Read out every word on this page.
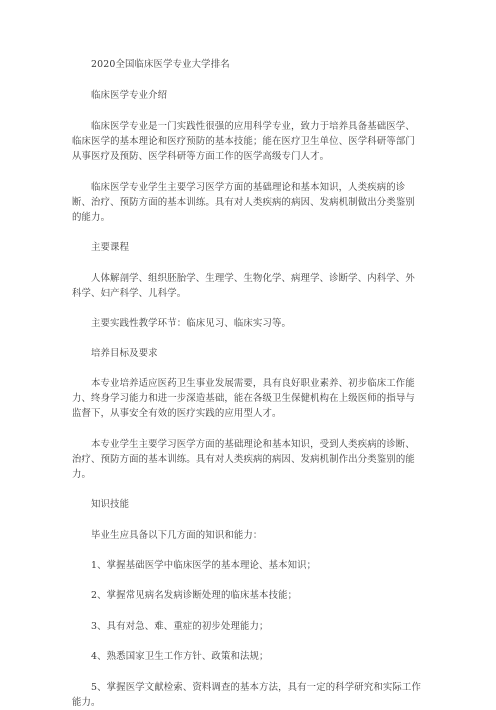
2020全国临床医学专业大学排名

临床医学专业介绍

临床医学专业是一门实践性很强的应用科学专业，致力于培养具备基础医学、临床医学的基本理论和医疗预防的基本技能；能在医疗卫生单位、医学科研等部门从事医疗及预防、医学科研等方面工作的医学高级专门人才。

临床医学专业学生主要学习医学方面的基础理论和基本知识，人类疾病的诊断、治疗、预防方面的基本训练。具有对人类疾病的病因、发病机制做出分类鉴别的能力。

主要课程

人体解剖学、组织胚胎学、生理学、生物化学、病理学、诊断学、内科学、外科学、妇产科学、儿科学。

主要实践性教学环节：临床见习、临床实习等。

培养目标及要求

本专业培养适应医药卫生事业发展需要，具有良好职业素养、初步临床工作能力、终身学习能力和进一步深造基础，能在各级卫生保健机构在上级医师的指导与监督下，从事安全有效的医疗实践的应用型人才。

本专业学生主要学习医学方面的基础理论和基本知识，受到人类疾病的诊断、治疗、预防方面的基本训练。具有对人类疾病的病因、发病机制作出分类鉴别的能力。

知识技能

毕业生应具备以下几方面的知识和能力：

1、掌握基础医学中临床医学的基本理论、基本知识；

2、掌握常见病名发病诊断处理的临床基本技能；

3、具有对急、难、重症的初步处理能力；

4、熟悉国家卫生工作方针、政策和法规；

5、掌握医学文献检索、资料调查的基本方法，具有一定的科学研究和实际工作能力。
